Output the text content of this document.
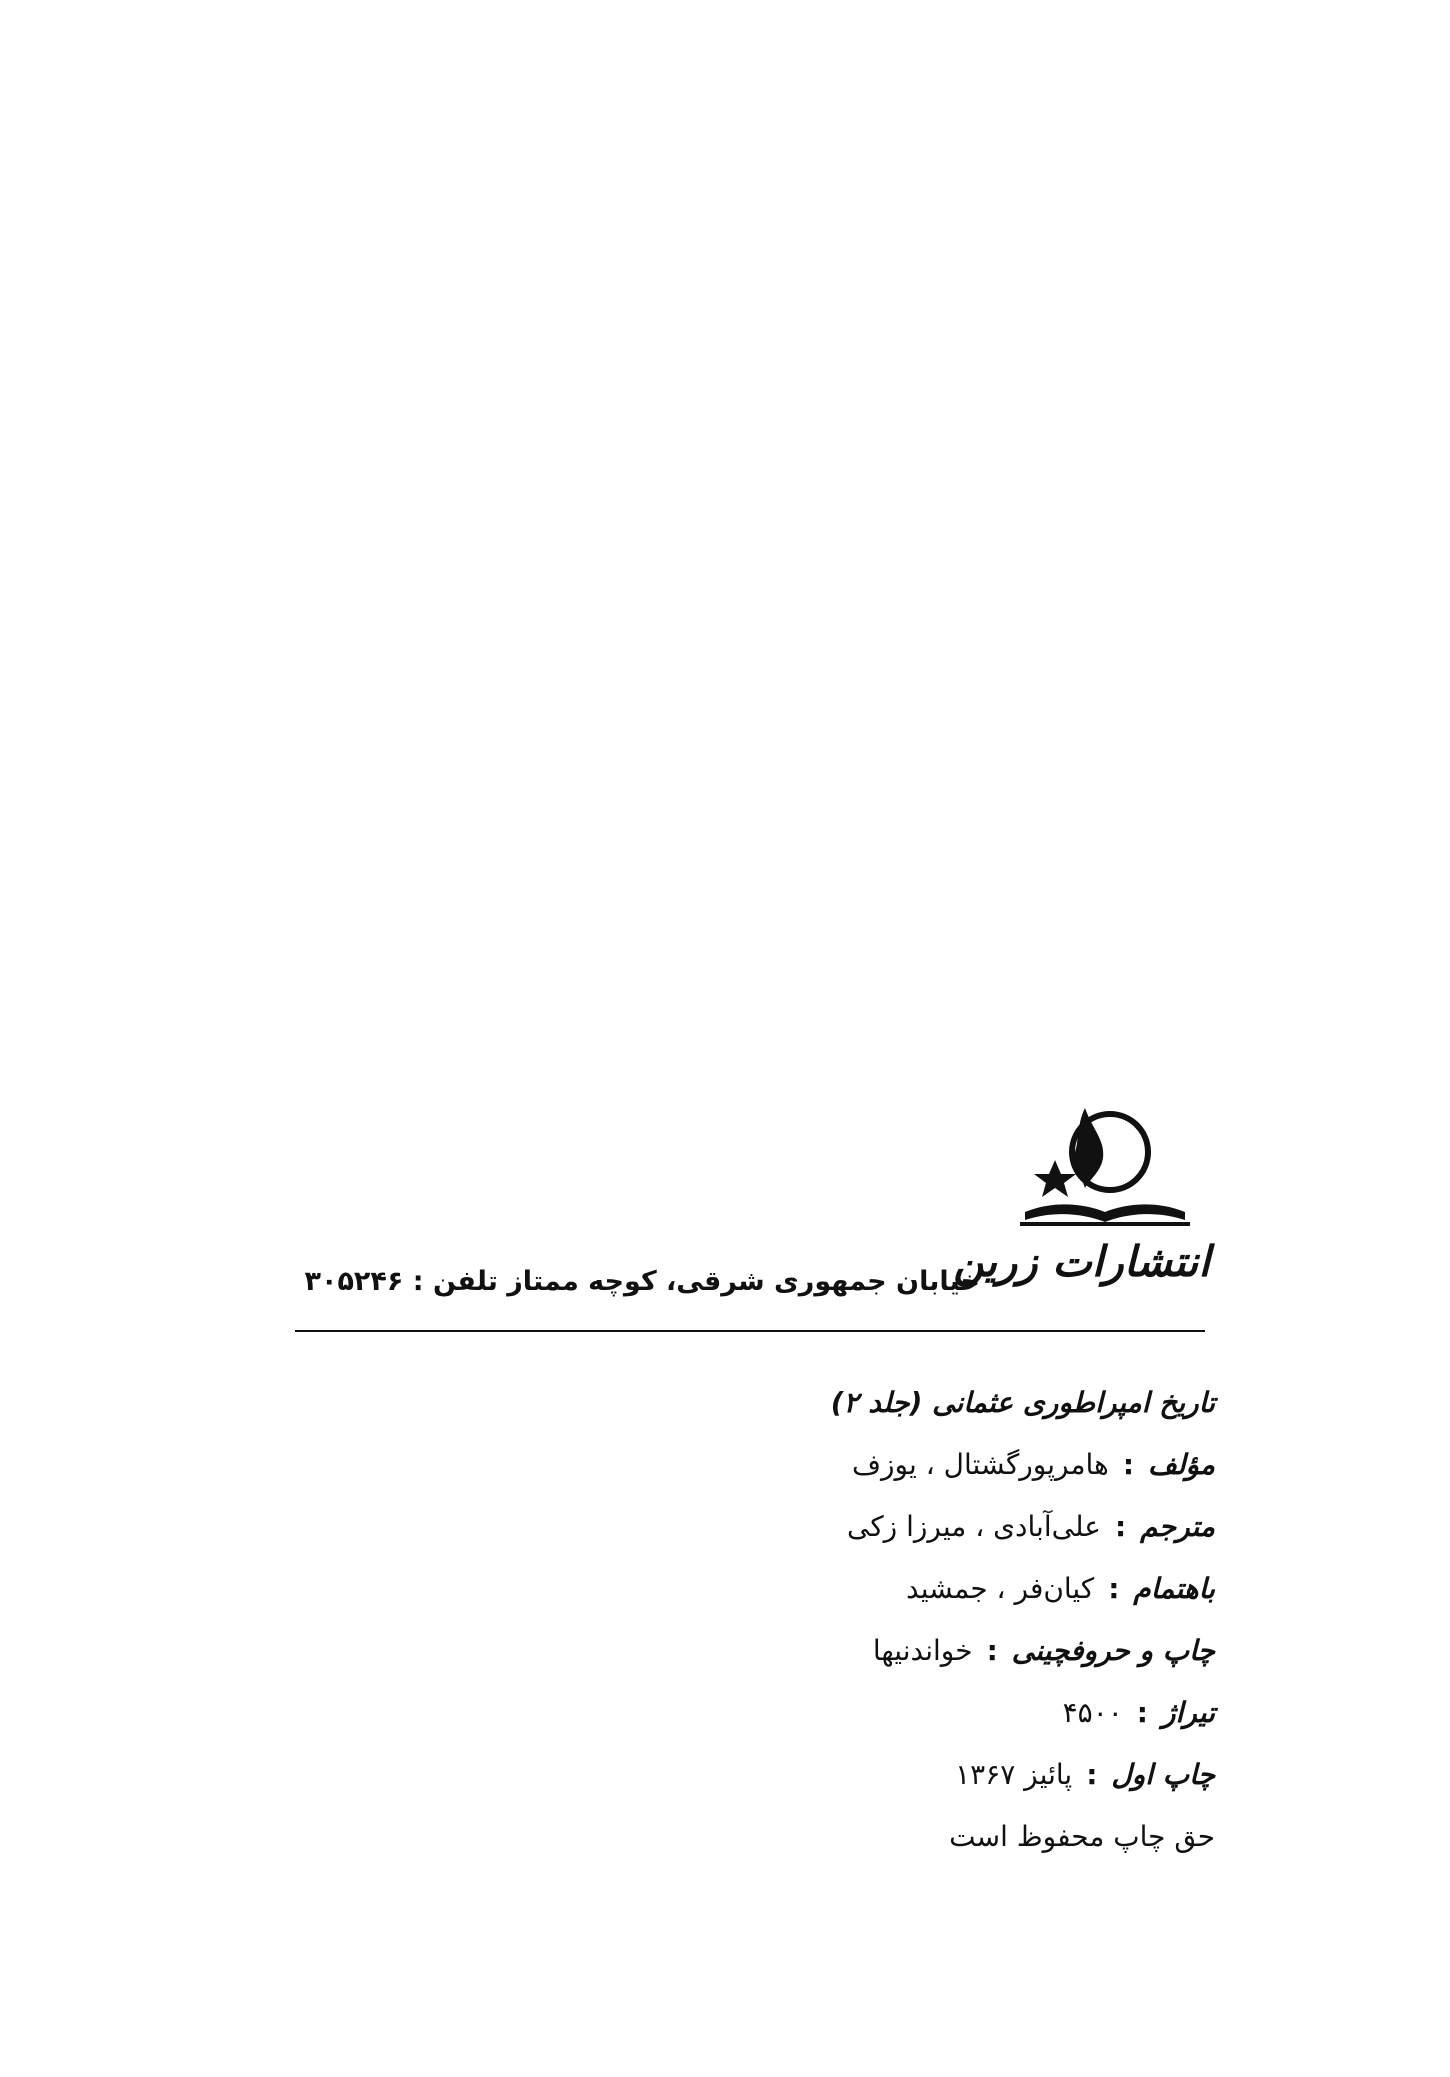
انتشارات زرین
خیابان جمهوری شرقی، کوچه ممتاز تلفن : ۳۰۵۲۴۶
تاریخ امپراطوری عثمانی (جلد ۲)
مؤلف:هامرپورگشتال ، یوزف
مترجم:علی‌آبادی ، میرزا زکی
باهتمام:کیان‌فر ، جمشید
چاپ و حروفچینی:خواندنیها
تیراژ:۴۵۰۰
چاپ اول:پائیز ۱۳۶۷
حق چاپ محفوظ است
